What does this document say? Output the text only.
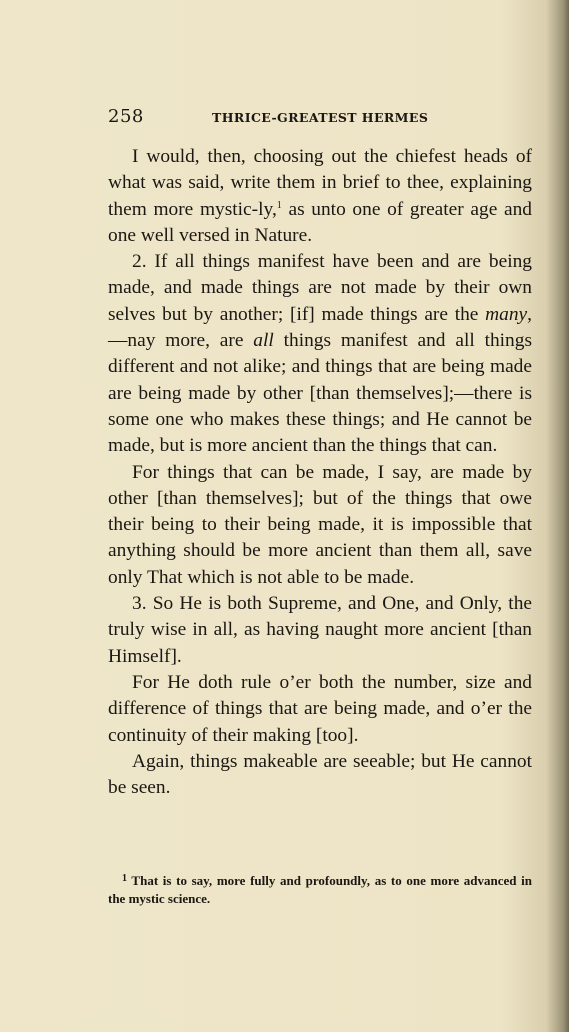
258	THRICE-GREATEST HERMES

I would, then, choosing out the chiefest heads of what was said, write them in brief to thee, explaining them more mystic-ly,$^1$ as unto one of greater age and one well versed in Nature.

2. If all things manifest have been and are being made, and made things are not made by their own selves but by another; [if] made things are the many,—nay more, are all things manifest and all things different and not alike; and things that are being made are being made by other [than themselves];—there is some one who makes these things; and He cannot be made, but is more ancient than the things that can.

For things that can be made, I say, are made by other [than themselves]; but of the things that owe their being to their being made, it is impossible that anything should be more ancient than them all, save only That which is not able to be made.

3. So He is both Supreme, and One, and Only, the truly wise in all, as having naught more ancient [than Himself].

For He doth rule o’er both the number, size and difference of things that are being made, and o’er the continuity of their making [too].

Again, things makeable are seeable; but He cannot be seen.

$^1$ That is to say, more fully and profoundly, as to one more advanced in the mystic science.
